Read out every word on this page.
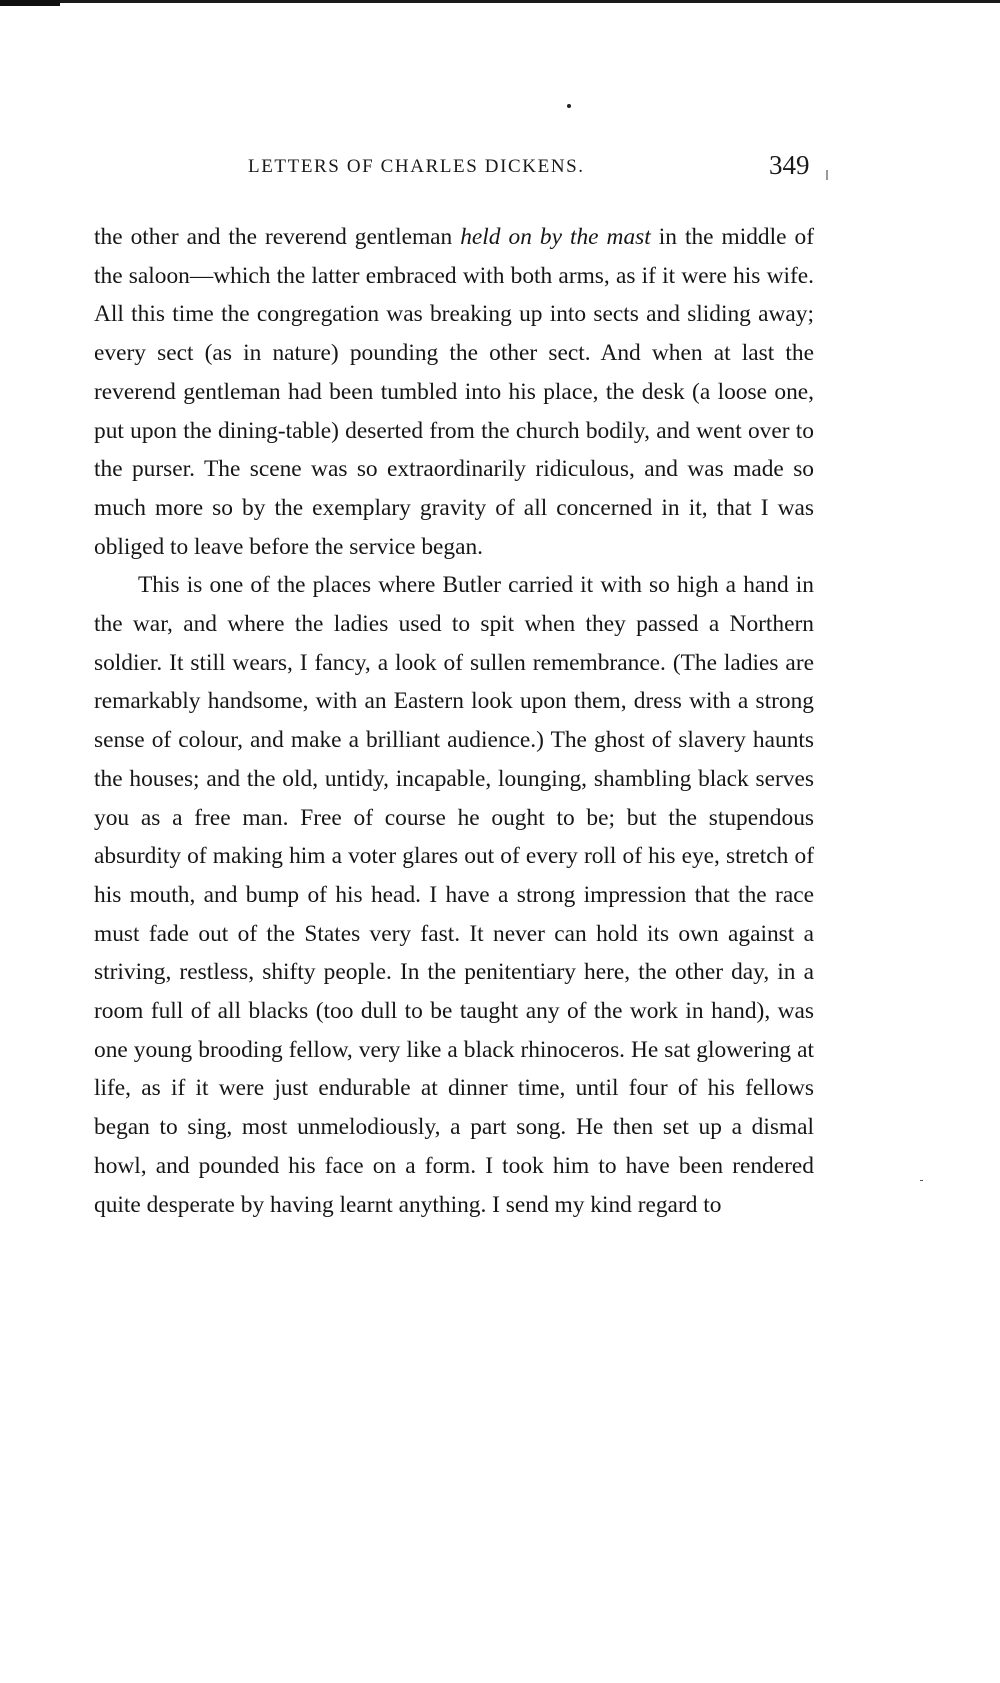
LETTERS OF CHARLES DICKENS.	349

the other and the reverend gentleman held on by the mast in the middle of the saloon—which the latter embraced with both arms, as if it were his wife. All this time the congregation was breaking up into sects and sliding away; every sect (as in nature) pounding the other sect. And when at last the reverend gentleman had been tumbled into his place, the desk (a loose one, put upon the dining-table) deserted from the church bodily, and went over to the purser. The scene was so extraordinarily ridiculous, and was made so much more so by the exemplary gravity of all concerned in it, that I was obliged to leave before the service began.

This is one of the places where Butler carried it with so high a hand in the war, and where the ladies used to spit when they passed a Northern soldier. It still wears, I fancy, a look of sullen remembrance. (The ladies are remarkably handsome, with an Eastern look upon them, dress with a strong sense of colour, and make a brilliant audience.) The ghost of slavery haunts the houses; and the old, untidy, incapable, lounging, shambling black serves you as a free man. Free of course he ought to be; but the stupendous absurdity of making him a voter glares out of every roll of his eye, stretch of his mouth, and bump of his head. I have a strong impression that the race must fade out of the States very fast. It never can hold its own against a striving, restless, shifty people. In the penitentiary here, the other day, in a room full of all blacks (too dull to be taught any of the work in hand), was one young brooding fellow, very like a black rhinoceros. He sat glowering at life, as if it were just endurable at dinner time, until four of his fellows began to sing, most unmelodiously, a part song. He then set up a dismal howl, and pounded his face on a form. I took him to have been rendered quite desperate by having learnt anything. I send my kind regard to
